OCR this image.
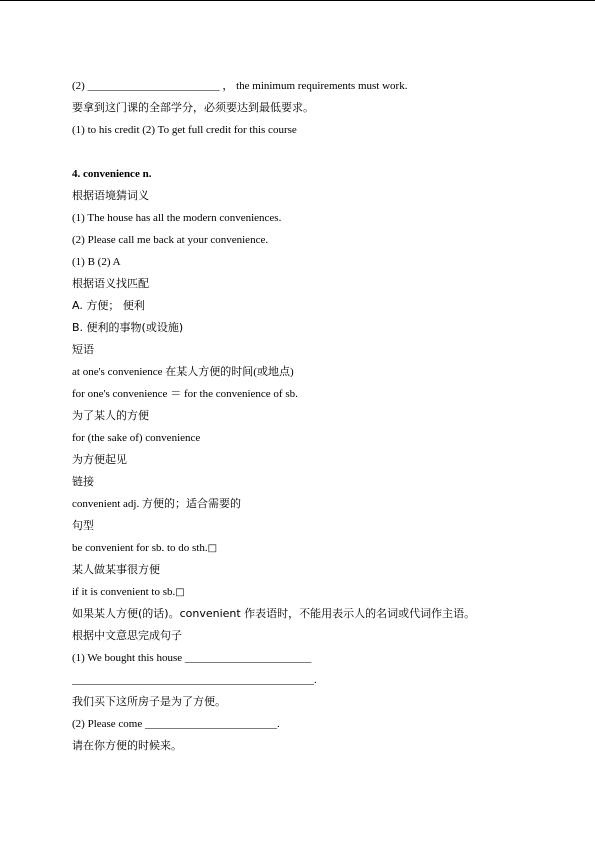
(2) ________________________ ， the minimum requirements must work.
要拿到这门课的全部学分，必须要达到最低要求。
(1) to his credit (2) To get full credit for this course
4. convenience n.
根据语境猜词义
(1) The house has all the modern conveniences.
(2) Please call me back at your convenience.
(1) B (2) A
根据语义找匹配
A. 方便； 便利
B. 便利的事物(或设施)
短语
at one's convenience 在某人方便的时间(或地点)
for one's convenience ＝ for the convenience of sb.
为了某人的方便
for (the sake of) convenience
为方便起见
链接
convenient adj. 方便的；适合需要的
句型
be convenient for sb. to do sth.□
某人做某事很方便
if it is convenient to sb.□
如果某人方便(的话)。convenient 作表语时，不能用表示人的名词或代词作主语。
根据中文意思完成句子
(1) We bought this house _______________________
____________________________________________.
我们买下这所房子是为了方便。
(2) Please come ________________________.
请在你方便的时候来。
